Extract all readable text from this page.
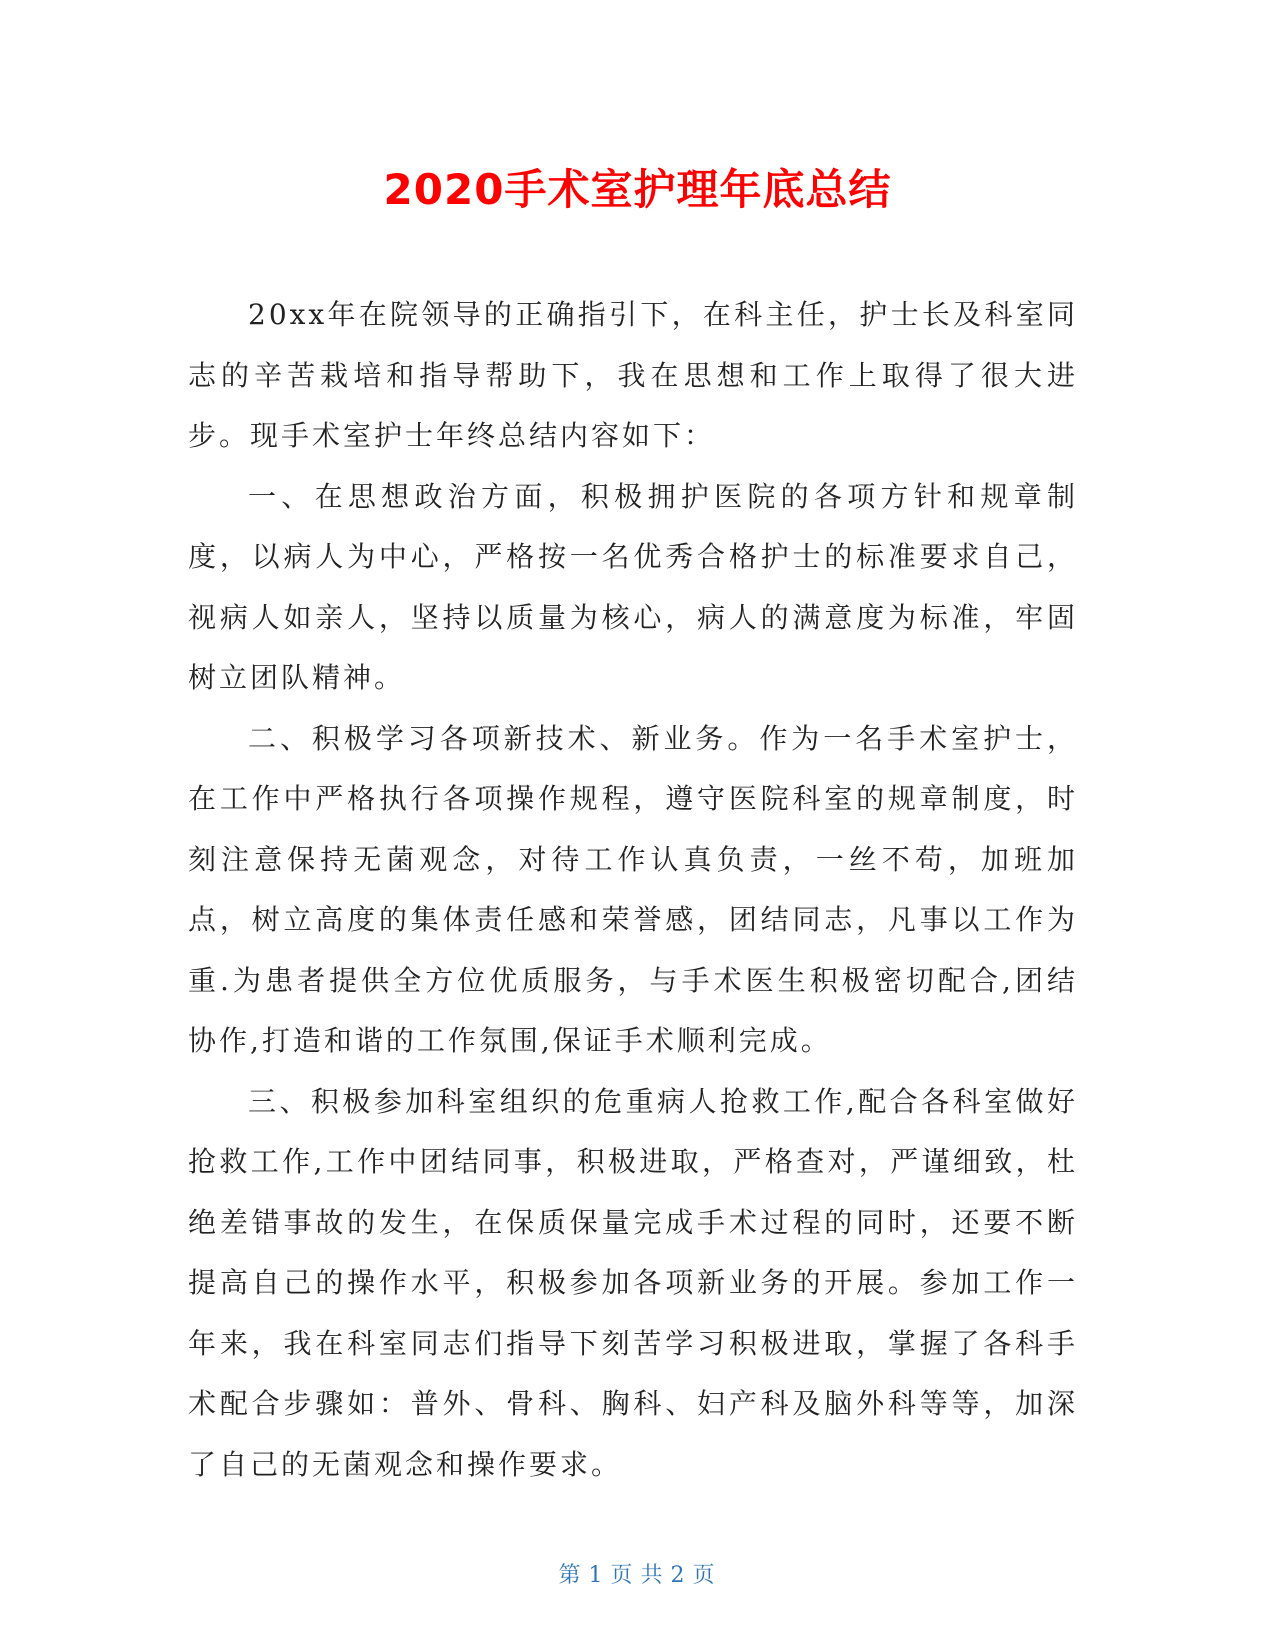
2020手术室护理年底总结

20xx年在院领导的正确指引下，在科主任，护士长及科室同志的辛苦栽培和指导帮助下，我在思想和工作上取得了很大进步。现手术室护士年终总结内容如下：

一、在思想政治方面，积极拥护医院的各项方针和规章制度，以病人为中心，严格按一名优秀合格护士的标准要求自己，视病人如亲人，坚持以质量为核心，病人的满意度为标准，牢固树立团队精神。

二、积极学习各项新技术、新业务。作为一名手术室护士，在工作中严格执行各项操作规程，遵守医院科室的规章制度，时刻注意保持无菌观念，对待工作认真负责，一丝不苟，加班加点，树立高度的集体责任感和荣誉感，团结同志，凡事以工作为重.为患者提供全方位优质服务，与手术医生积极密切配合,团结协作,打造和谐的工作氛围,保证手术顺利完成。

三、积极参加科室组织的危重病人抢救工作,配合各科室做好抢救工作,工作中团结同事，积极进取，严格查对，严谨细致，杜绝差错事故的发生，在保质保量完成手术过程的同时，还要不断提高自己的操作水平，积极参加各项新业务的开展。参加工作一年来，我在科室同志们指导下刻苦学习积极进取，掌握了各科手术配合步骤如：普外、骨科、胸科、妇产科及脑外科等等，加深了自己的无菌观念和操作要求。

第 1 页 共 2 页
